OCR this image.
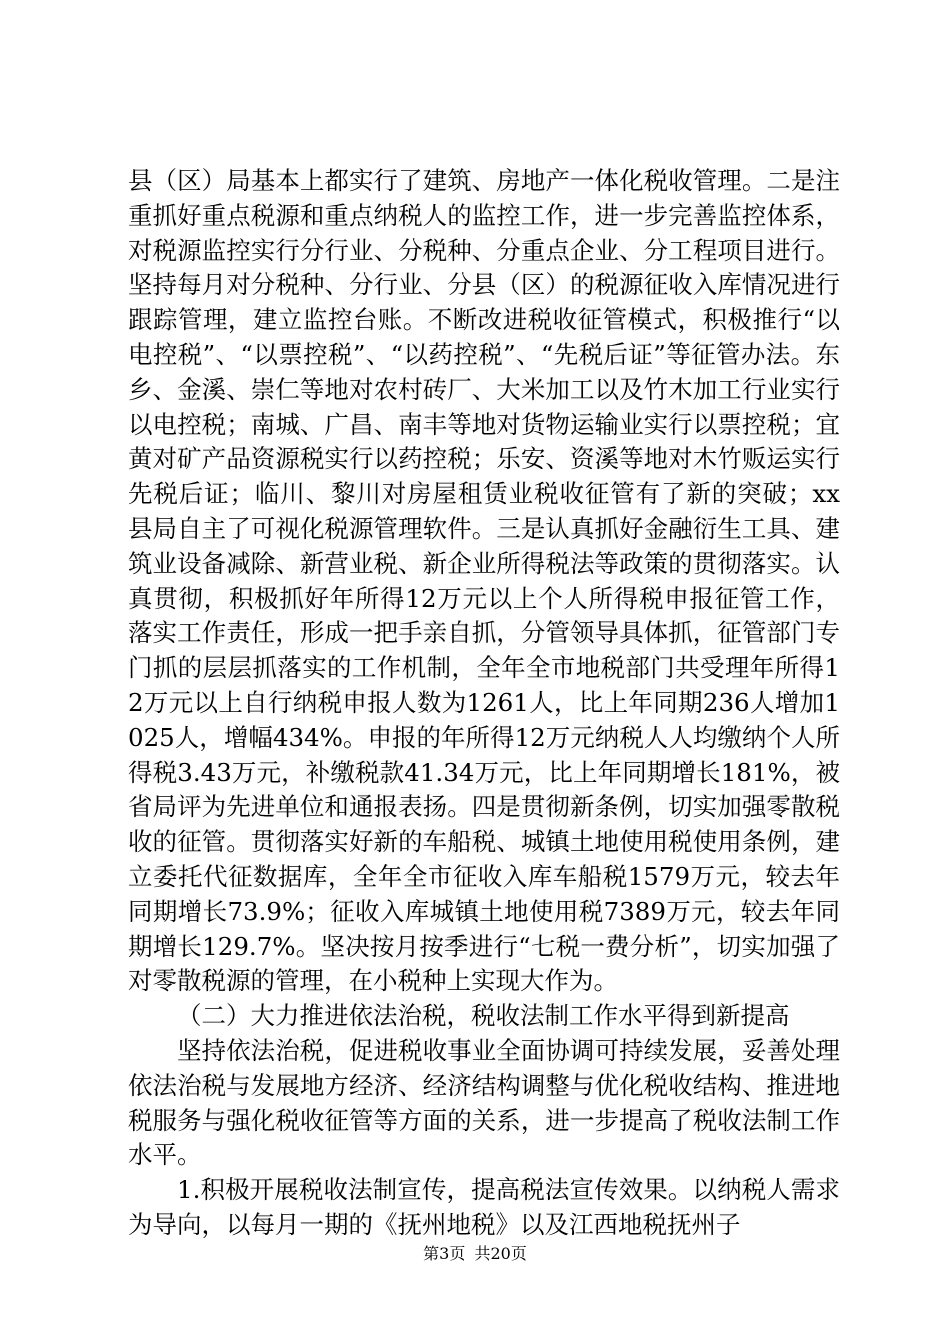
县（区）局基本上都实行了建筑、房地产一体化税收管理。二是注重抓好重点税源和重点纳税人的监控工作，进一步完善监控体系，对税源监控实行分行业、分税种、分重点企业、分工程项目进行。坚持每月对分税种、分行业、分县（区）的税源征收入库情况进行跟踪管理，建立监控台账。不断改进税收征管模式，积极推行“以电控税”、“以票控税”、“以药控税”、“先税后证”等征管办法。东乡、金溪、崇仁等地对农村砖厂、大米加工以及竹木加工行业实行以电控税；南城、广昌、南丰等地对货物运输业实行以票控税；宜黄对矿产品资源税实行以药控税；乐安、资溪等地对木竹贩运实行先税后证；临川、黎川对房屋租赁业税收征管有了新的突破；xx县局自主了可视化税源管理软件。三是认真抓好金融衍生工具、建筑业设备减除、新营业税、新企业所得税法等政策的贯彻落实。认真贯彻，积极抓好年所得12万元以上个人所得税申报征管工作，落实工作责任，形成一把手亲自抓，分管领导具体抓，征管部门专门抓的层层抓落实的工作机制，全年全市地税部门共受理年所得12万元以上自行纳税申报人数为1261人，比上年同期236人增加1025人，增幅434%。申报的年所得12万元纳税人人均缴纳个人所得税3.43万元，补缴税款41.34万元，比上年同期增长181%，被省局评为先进单位和通报表扬。四是贯彻新条例，切实加强零散税收的征管。贯彻落实好新的车船税、城镇土地使用税使用条例，建立委托代征数据库，全年全市征收入库车船税1579万元，较去年同期增长73.9%；征收入库城镇土地使用税7389万元，较去年同期增长129.7%。坚决按月按季进行“七税一费分析”，切实加强了对零散税源的管理，在小税种上实现大作为。

（二）大力推进依法治税，税收法制工作水平得到新提高

坚持依法治税，促进税收事业全面协调可持续发展，妥善处理依法治税与发展地方经济、经济结构调整与优化税收结构、推进地税服务与强化税收征管等方面的关系，进一步提高了税收法制工作水平。

1.积极开展税收法制宣传，提高税法宣传效果。以纳税人需求为导向，以每月一期的《抚州地税》以及江西地税抚州子

第3页 共20页
